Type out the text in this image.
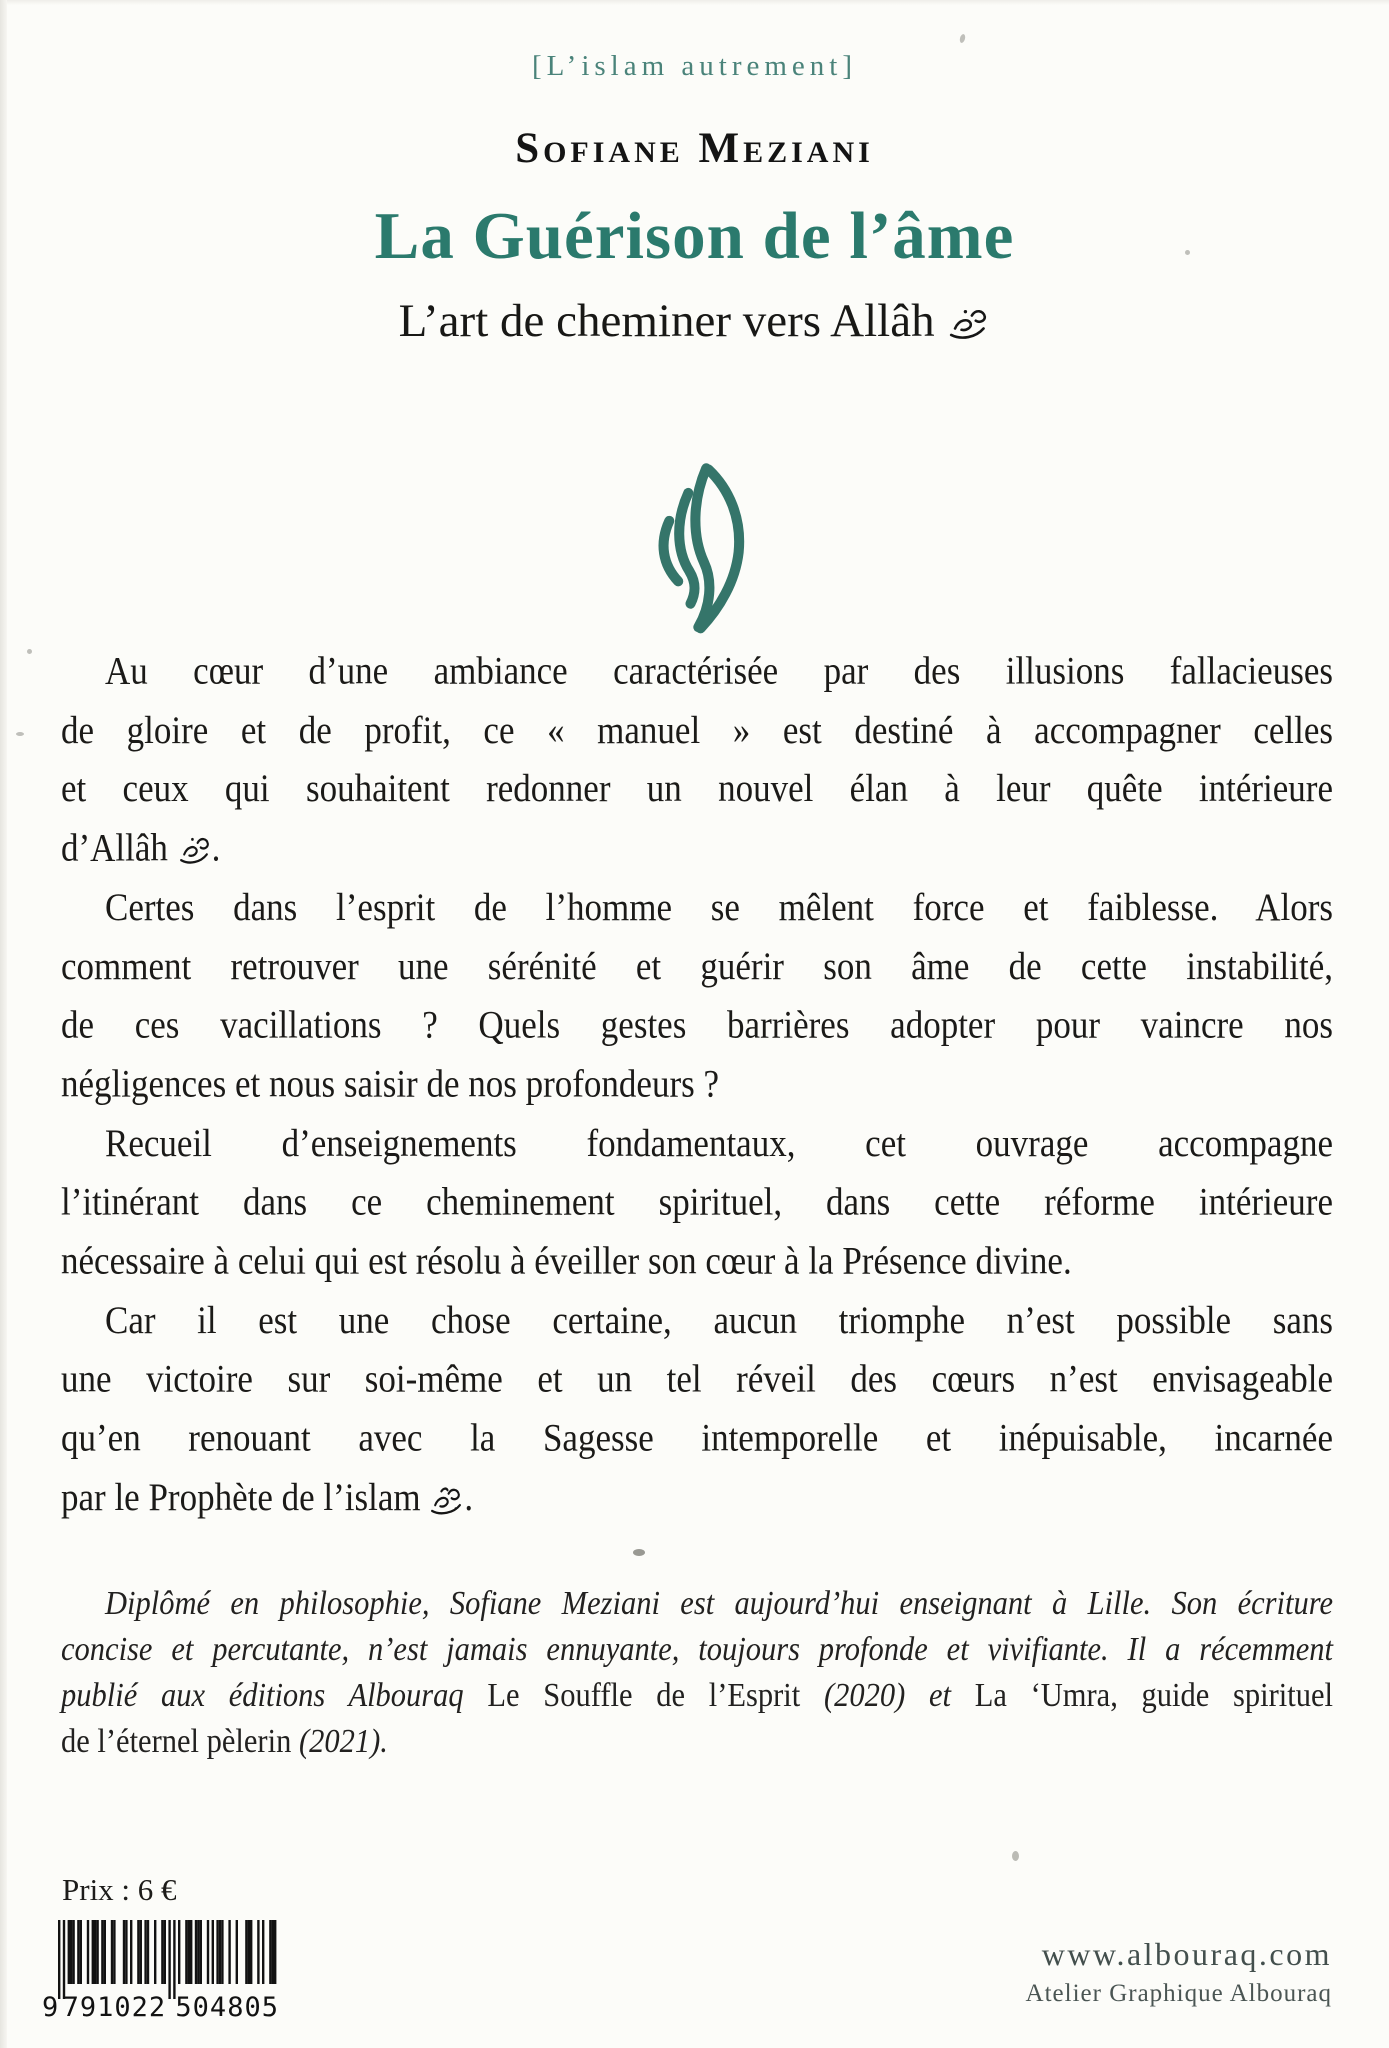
[L’islam autrement]
Sofiane Meziani
La Guérison de l’âme
L’art de cheminer vers Allâh
Au cœur d’une ambiance caractérisée par des illusions fallacieuses
de gloire et de profit, ce « manuel » est destiné à accompagner celles
et ceux qui souhaitent redonner un nouvel élan à leur quête intérieure
d’Allâh .
Certes dans l’esprit de l’homme se mêlent force et faiblesse. Alors
comment retrouver une sérénité et guérir son âme de cette instabilité,
de ces vacillations ? Quels gestes barrières adopter pour vaincre nos
négligences et nous saisir de nos profondeurs ?
Recueil d’enseignements fondamentaux, cet ouvrage accompagne
l’itinérant dans ce cheminement spirituel, dans cette réforme intérieure
nécessaire à celui qui est résolu à éveiller son cœur à la Présence divine.
Car il est une chose certaine, aucun triomphe n’est possible sans
une victoire sur soi-même et un tel réveil des cœurs n’est envisageable
qu’en renouant avec la Sagesse intemporelle et inépuisable, incarnée
par le Prophète de l’islam .
Diplômé en philosophie, Sofiane Meziani est aujourd’hui enseignant à Lille. Son écriture
concise et percutante, n’est jamais ennuyante, toujours profonde et vivifiante. Il a récemment
publié aux éditions Albouraq Le Souffle de l’Esprit (2020) et La ‘Umra, guide spirituel
de l’éternel pèlerin (2021).
Prix : 6 €
9 791022 504805
www.albouraq.com
Atelier Graphique Albouraq
